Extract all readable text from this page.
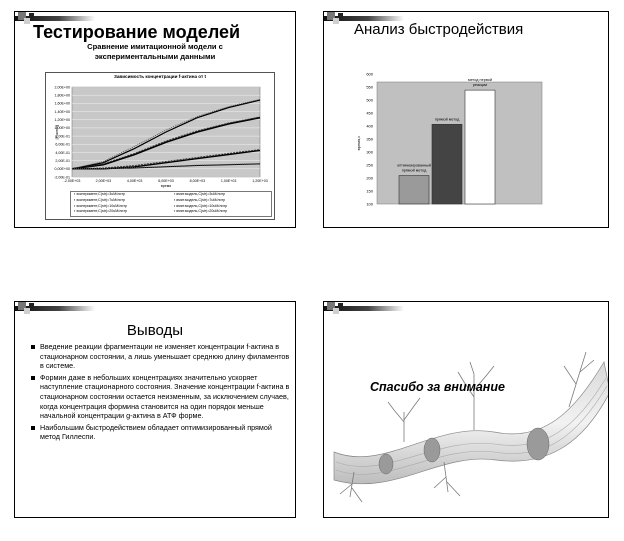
Тестирование моделей
Сравнение имитационной модели с
экспериментальными данными
Зависимость концентрации f-актина от t
-2,00E-01
0,00E+00
2,00E-01
4,00E-01
6,00E-01
8,00E-01
1,00E+00
1,20E+00
1,40E+00
1,60E+00
1,80E+00
2,00E+00
-2,00E+03	2,00E+03	4,00E+03	6,00E+03	8,00E+03	1,00E+03	1,20E+03
время
[F-актин]
▪ эксперимент,C(str)=3uM/литр	▪ имит.модель,C(str)=3uM/литр
▪ эксперимент,C(str)=7uM/литр	▪ имит.модель,C(str)=7uM/литр
▪ эксперимент,C(str)=10uM/литр	▪ имит.модель,C(str)=10uM/литр
▪ эксперимент,C(str)=20uM/литр	▪ имит.модель,C(str)=20uM/литр
Анализ быстродействия
100
150
200
250
300
350
400
450
500
550
600
время,с
оптимизированный
прямой метод
прямой метод
метод первой
реакции
Выводы
Введение реакции фрагментации не изменяет концентрации f-актина в стационарном состоянии, а лишь уменьшает среднюю длину филаментов в системе.
Формин даже в небольших концентрациях значительно ускоряет наступление стационарного состояния. Значение концентрации f-актина в стационарном состоянии остается неизменным, за исключением случаев, когда концентрация формина становится на один порядок меньше начальной концентрации g-актина в АТФ форме.
Наибольшим быстродействием обладает оптимизированный прямой метод Гиллеспи.
Спасибо за внимание
